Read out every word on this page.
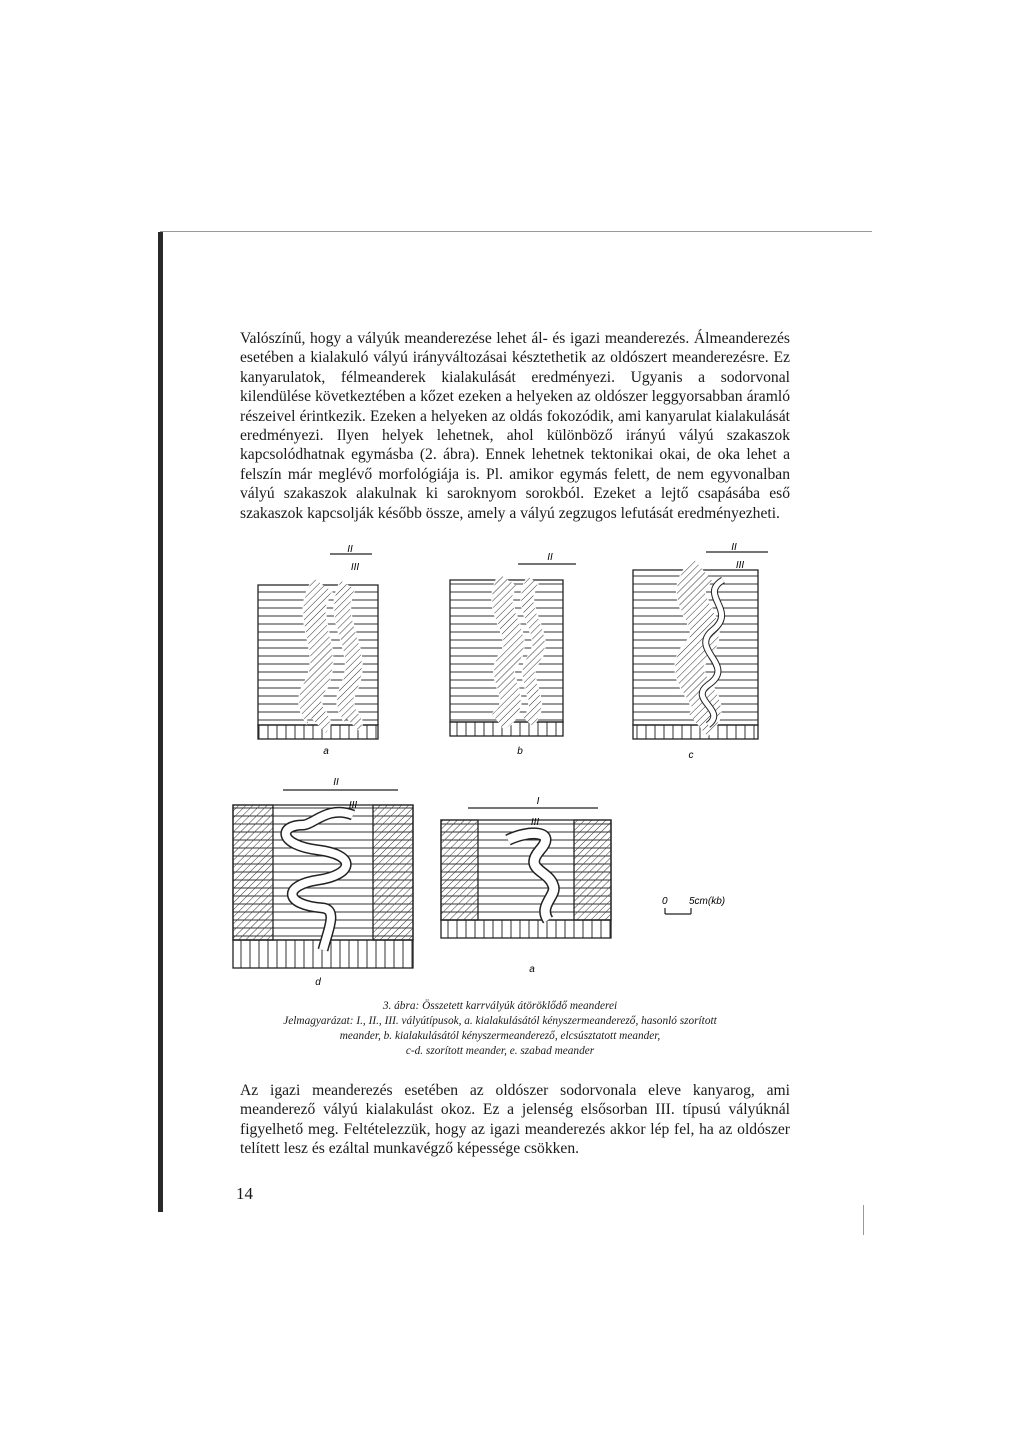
Valószínű, hogy a vályúk meanderezése lehet ál- és igazi meanderezés. Álmeanderezés esetében a kialakuló vályú irányváltozásai késztethetik az oldószert meanderezésre. Ez kanyarulatok, félmeanderek kialakulását eredményezi. Ugyanis a sodorvonal kilendülése következtében a kőzet ezeken a helyeken az oldószer leggyorsabban áramló részeivel érintkezik. Ezeken a helyeken az oldás fokozódik, ami kanyarulat kialakulását eredményezi. Ilyen helyek lehetnek, ahol különböző irányú vályú szakaszok kapcsolódhatnak egymásba (2. ábra). Ennek lehetnek tektonikai okai, de oka lehet a felszín már meglévő morfológiája is. Pl. amikor egymás felett, de nem egyvonalban vályú szakaszok alakulnak ki saroknyom sorokból. Ezeket a lejtő csapásába eső szakaszok kapcsolják később össze, amely a vályú zegzugos lefutását eredményezheti.

II
III
a
II
b
II
III
c
II
III
d
I
III
a
0 5cm(kb)
3. ábra: Összetett karrvályúk átöröklődő meanderei
Jelmagyarázat: I., II., III. vályútípusok, a. kialakulásától kényszermeanderező, hasonló szorított
meander, b. kialakulásától kényszermeanderező, elcsúsztatott meander,
c-d. szorított meander, e. szabad meander

Az igazi meanderezés esetében az oldószer sodorvonala eleve kanyarog, ami meanderező vályú kialakulást okoz. Ez a jelenség elsősorban III. típusú vályúknál figyelhető meg. Feltételezzük, hogy az igazi meanderezés akkor lép fel, ha az oldószer telített lesz és ezáltal munkavégző képessége csökken.

14
